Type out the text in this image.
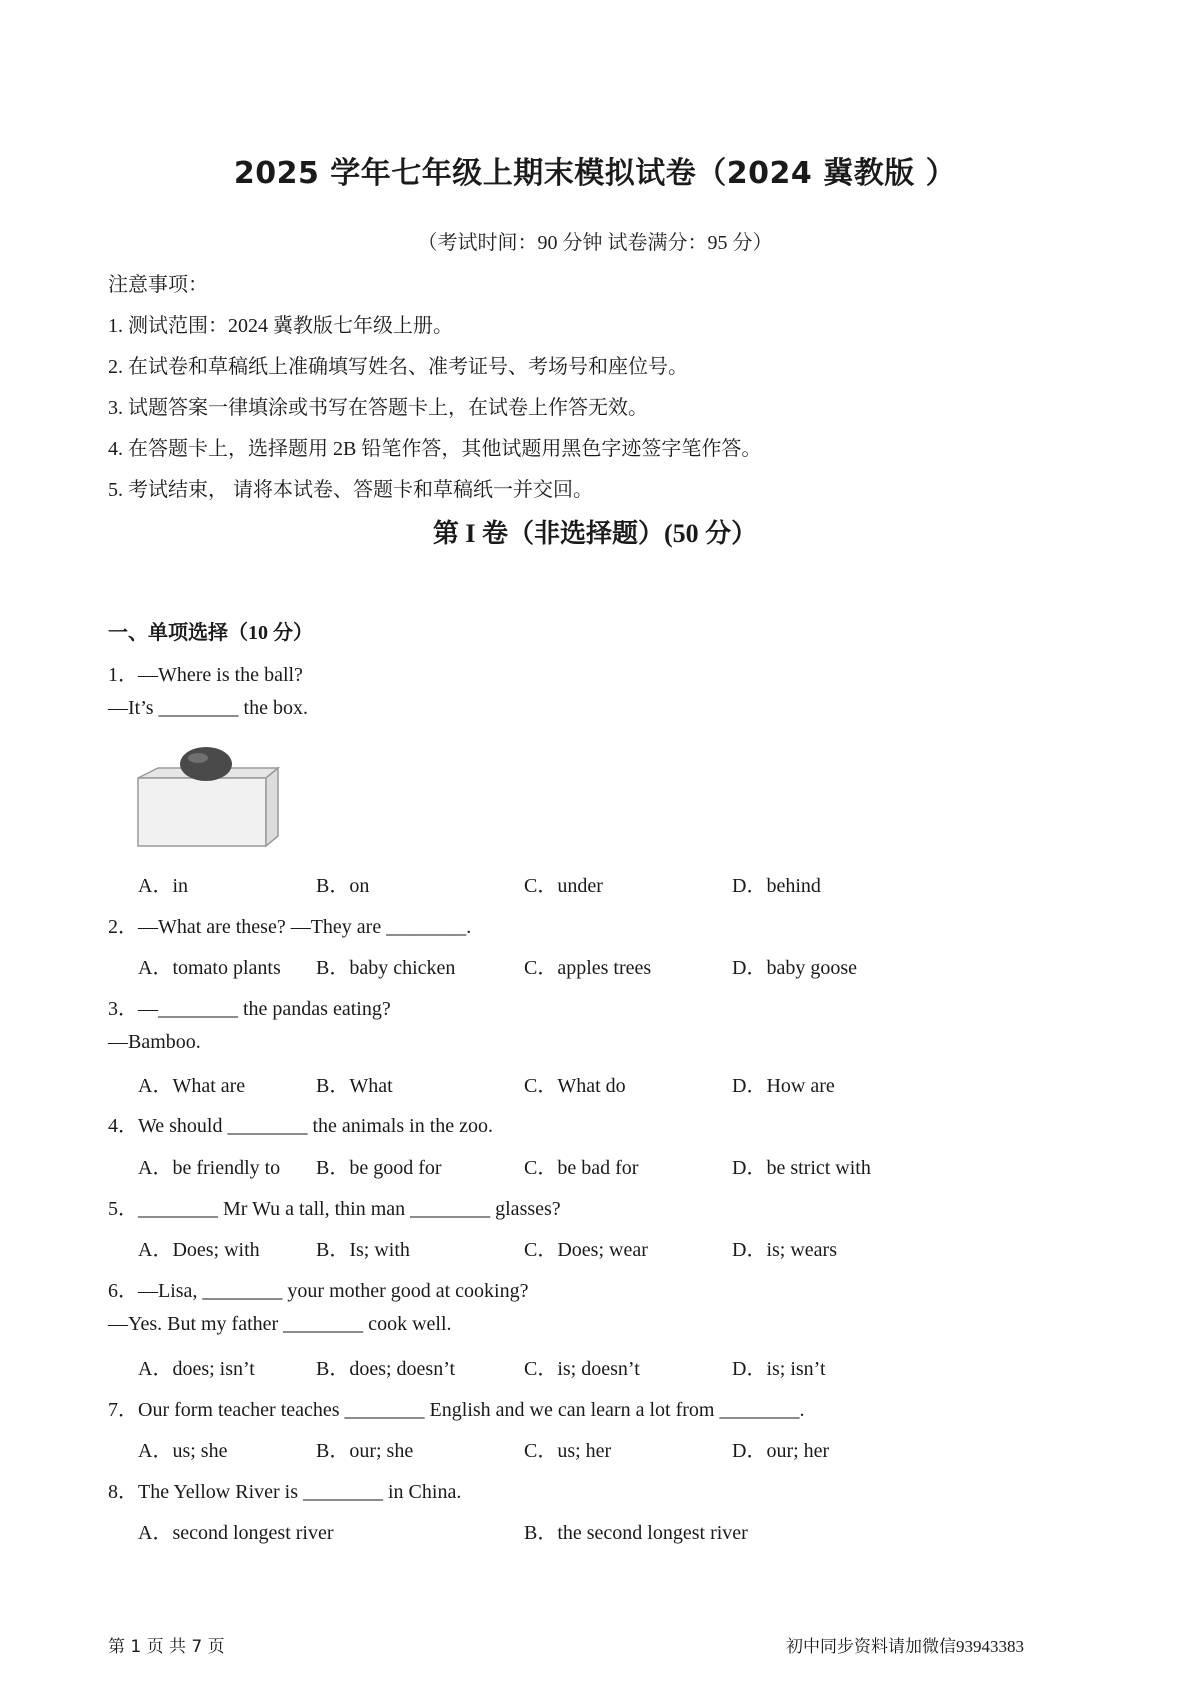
2025 学年七年级上期末模拟试卷（2024 冀教版 ）
（考试时间：90 分钟 试卷满分：95 分）
注意事项：
1. 测试范围：2024 冀教版七年级上册。
2. 在试卷和草稿纸上准确填写姓名、准考证号、考场号和座位号。
3. 试题答案一律填涂或书写在答题卡上，在试卷上作答无效。
4. 在答题卡上，选择题用 2B 铅笔作答，其他试题用黑色字迹签字笔作答。
5. 考试结束， 请将本试卷、答题卡和草稿纸一并交回。
第 I 卷（非选择题）(50 分）
一、单项选择（10 分）
1．—Where is the ball?
—It’s ________ the box.
A．in	B．on	C．under	D．behind
2．—What are these? —They are ________.
A．tomato plants B．baby chicken	C．apples trees	D．baby goose
3．—________ the pandas eating?
—Bamboo.
A．What are	B．What	C．What do	D．How are
4．We should ________ the animals in the zoo.
A．be friendly to B．be good for	C．be bad for	D．be strict with
5．________ Mr Wu a tall, thin man ________ glasses?
A．Does; with	B．Is; with	C．Does; wear	D．is; wears
6．—Lisa, ________ your mother good at cooking?
—Yes. But my father ________ cook well.
A．does; isn’t	B．does; doesn’t	C．is; doesn’t	D．is; isn’t
7．Our form teacher teaches ________ English and we can learn a lot from ________.
A．us; she	B．our; she	C．us; her	D．our; her
8．The Yellow River is ________ in China.
A．second longest river	B．the second longest river
第 1 页 共 7 页	初中同步资料请加微信93943383
